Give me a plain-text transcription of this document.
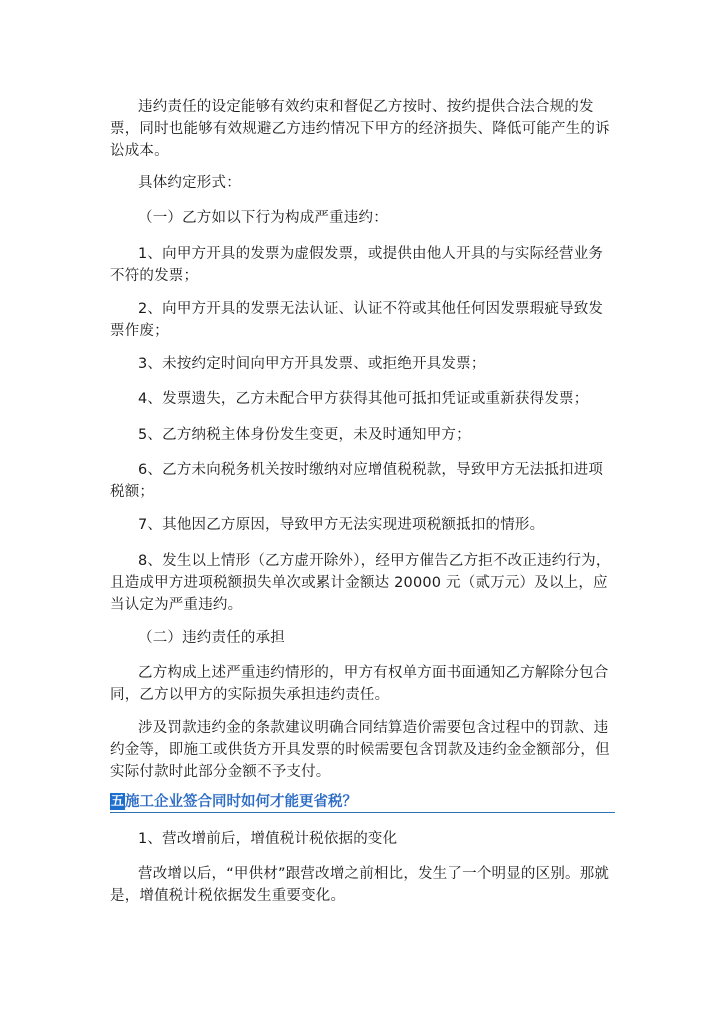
违约责任的设定能够有效约束和督促乙方按时、按约提供合法合规的发票，同时也能够有效规避乙方违约情况下甲方的经济损失、降低可能产生的诉讼成本。

具体约定形式：

（一）乙方如以下行为构成严重违约：

1、向甲方开具的发票为虚假发票，或提供由他人开具的与实际经营业务不符的发票；

2、向甲方开具的发票无法认证、认证不符或其他任何因发票瑕疵导致发票作废；

3、未按约定时间向甲方开具发票、或拒绝开具发票；

4、发票遗失，乙方未配合甲方获得其他可抵扣凭证或重新获得发票；

5、乙方纳税主体身份发生变更，未及时通知甲方；

6、乙方未向税务机关按时缴纳对应增值税税款，导致甲方无法抵扣进项税额；

7、其他因乙方原因，导致甲方无法实现进项税额抵扣的情形。

8、发生以上情形（乙方虚开除外），经甲方催告乙方拒不改正违约行为，且造成甲方进项税额损失单次或累计金额达 20000 元（贰万元）及以上，应当认定为严重违约。

（二）违约责任的承担

乙方构成上述严重违约情形的，甲方有权单方面书面通知乙方解除分包合同，乙方以甲方的实际损失承担违约责任。

涉及罚款违约金的条款建议明确合同结算造价需要包含过程中的罚款、违约金等，即施工或供货方开具发票的时候需要包含罚款及违约金金额部分，但实际付款时此部分金额不予支付。

五 施工企业签合同时如何才能更省税？

1、营改增前后，增值税计税依据的变化

营改增以后，“甲供材”跟营改增之前相比，发生了一个明显的区别。那就是，增值税计税依据发生重要变化。
